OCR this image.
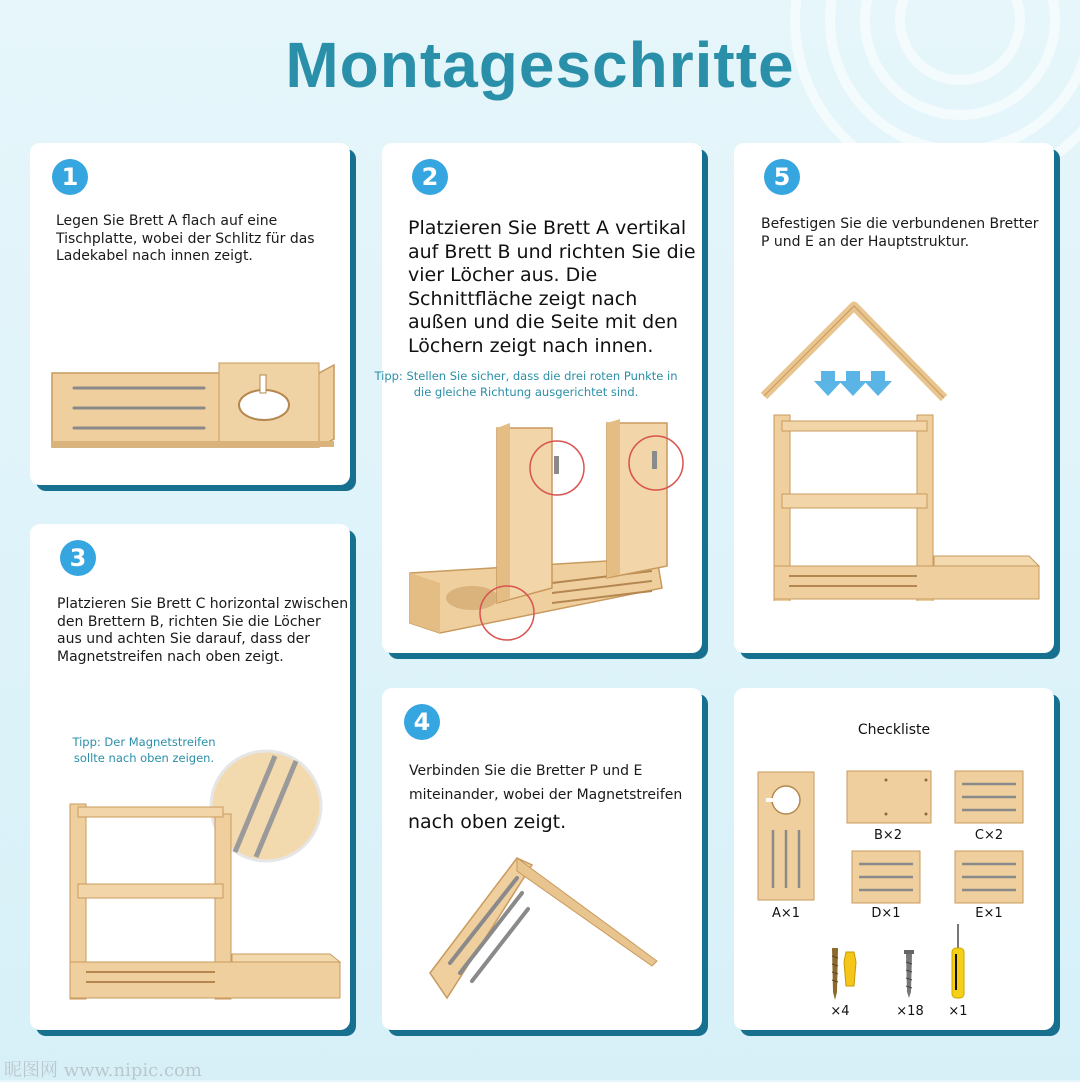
Montageschritte
1
Legen Sie Brett A flach auf eine Tischplatte, wobei der Schlitz für das Ladekabel nach innen zeigt.
2
Platzieren Sie Brett A vertikal auf Brett B und richten Sie die vier Löcher aus. Die Schnittfläche zeigt nach außen und die Seite mit den Löchern zeigt nach innen.
Tipp: Stellen Sie sicher, dass die drei roten Punkte in die gleiche Richtung ausgerichtet sind.
5
Befestigen Sie die verbundenen Bretter P und E an der Hauptstruktur.
3
Platzieren Sie Brett C horizontal zwischen den Brettern B, richten Sie die Löcher aus und achten Sie darauf, dass der Magnetstreifen nach oben zeigt.
Tipp: Der Magnetstreifen sollte nach oben zeigen.
4
Verbinden Sie die Bretter P und E
miteinander, wobei der Magnetstreifen
nach oben zeigt.
Checkliste
A×1
B×2	C×2
D×1	E×1
×4	×18	×1
昵图网 www.nipic.com
